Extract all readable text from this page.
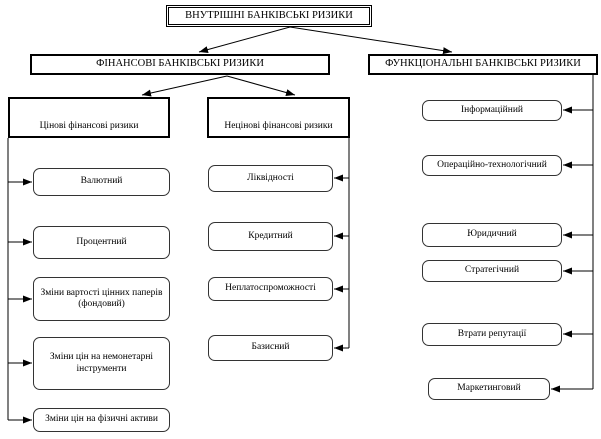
ВНУТРІШНІ БАНКІВСЬКІ РИЗИКИ
ФІНАНСОВІ БАНКІВСЬКІ РИЗИКИ	ФУНКЦІОНАЛЬНІ БАНКІВСЬКІ РИЗИКИ
Цінові фінансові ризики	Нецінові фінансові ризики
Валютний
Процентний
Зміни вартості цінних паперів (фондовий)
Зміни цін на немонетарні інструменти
Зміни цін на фізичні активи
Ліквідності
Кредитний
Неплатоспроможності
Базисний
Інформаційний
Операційно-технологічний
Юридичний
Стратегічний
Втрати репутації
Маркетинговий
